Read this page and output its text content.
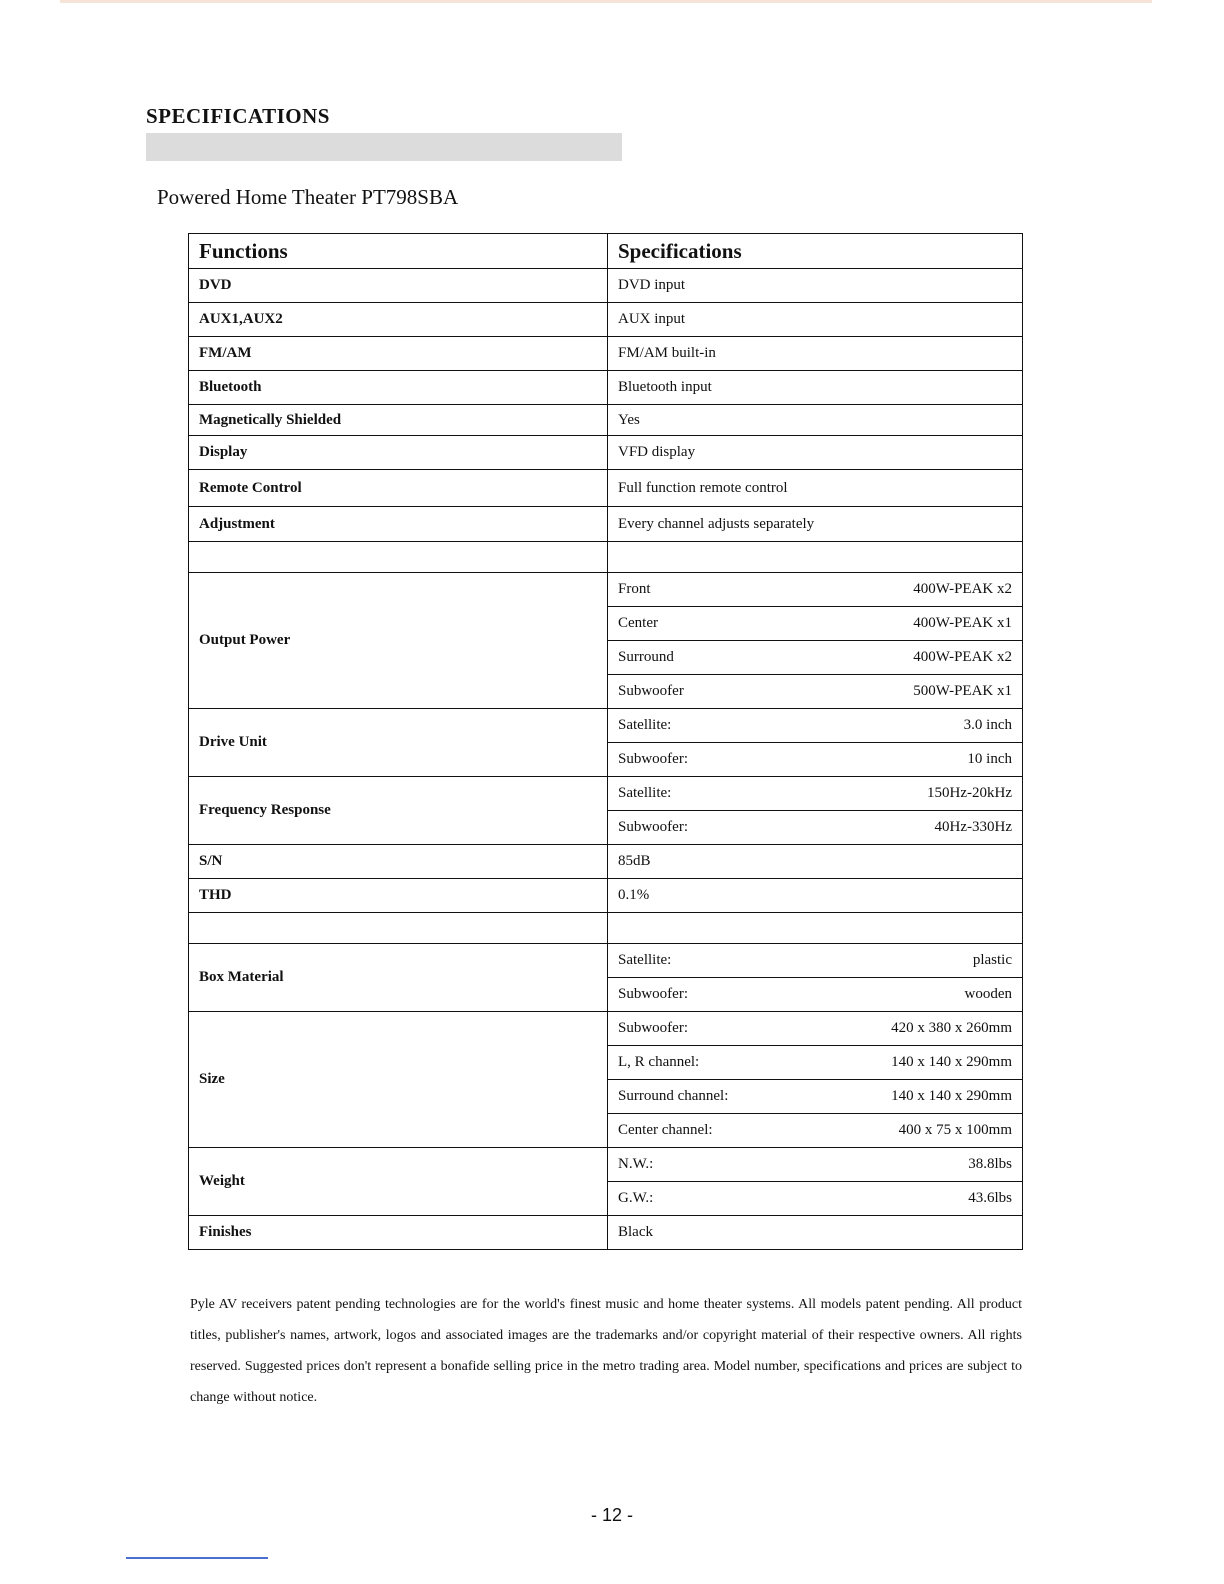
SPECIFICATIONS
Powered Home Theater PT798SBA
Functions	Specifications
DVD	DVD input
AUX1,AUX2	AUX input
FM/AM	FM/AM built-in
Bluetooth	Bluetooth input
Magnetically Shielded	Yes
Display	VFD display
Remote Control	Full function remote control
Adjustment	Every channel adjusts separately

Output Power	Front 400W-PEAK x2

	Center 400W-PEAK x1

	Surround 400W-PEAK x2

	Subwoofer 500W-PEAK x1

Drive Unit	Satellite: 3.0 inch

	Subwoofer: 10 inch

Frequency Response	Satellite: 150Hz-20kHz

	Subwoofer: 40Hz-330Hz

S/N	85dB
THD	0.1%

Box Material	Satellite: plastic

	Subwoofer: wooden

Size	Subwoofer: 420 x 380 x 260mm

	L, R channel: 140 x 140 x 290mm

	Surround channel: 140 x 140 x 290mm

	Center channel: 400 x 75 x 100mm

Weight	N.W.: 38.8lbs

	G.W.: 43.6lbs

Finishes	Black
Pyle AV receivers patent pending technologies are for the world's finest music and home theater systems. All models patent pending. All product titles, publisher's names, artwork, logos and associated images are the trademarks and/or copyright material of their respective owners. All rights reserved. Suggested prices don't represent a bonafide selling price in the metro trading area. Model number, specifications and prices are subject to change without notice.
- 12 -
